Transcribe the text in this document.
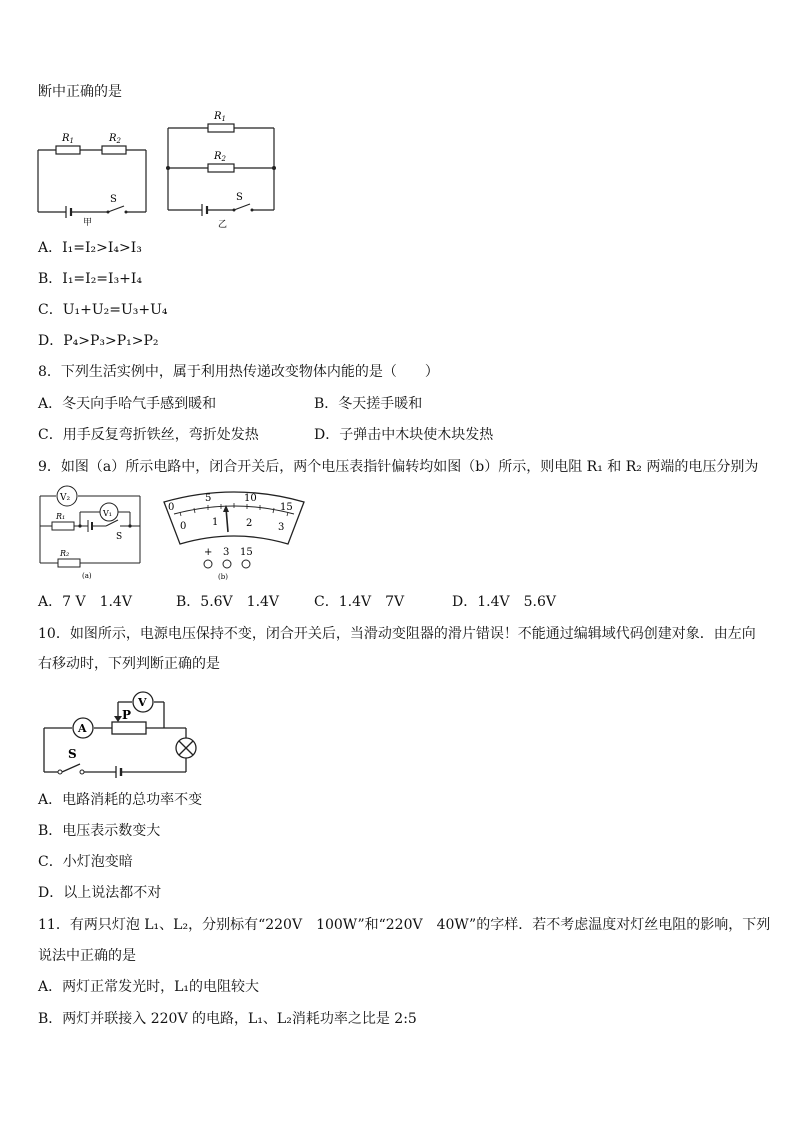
断中正确的是
$R_1$	$R_2$
S
甲
$R_1$
$R_2$
S
乙
A．I₁=I₂>I₄>I₃
B．I₁=I₂=I₃+I₄
C．U₁+U₂=U₃+U₄
D．P₄>P₃>P₁>P₂
8．下列生活实例中，属于利用热传递改变物体内能的是（　　）
A．冬天向手哈气手感到暖和	B．冬天搓手暖和
C．用手反复弯折铁丝，弯折处发热	D．子弹击中木块使木块发热
9．如图（a）所示电路中，闭合开关后，两个电压表指针偏转均如图（b）所示，则电阻 R₁ 和 R₂ 两端的电压分别为
V₂
V₁
R₁
S
R₂
(a)
0
5	10
15
0	1	2	3
+ 3 15
(b)
A．7 V　1.4V	B．5.6V　1.4V C．1.4V　7V	D．1.4V　5.6V
10．如图所示，电源电压保持不变，闭合开关后，当滑动变阻器的滑片错误！不能通过编辑域代码创建对象．由左向
右移动时，下列判断正确的是
A
V
P
S
A．电路消耗的总功率不变
B．电压表示数变大
C．小灯泡变暗
D．以上说法都不对
11．有两只灯泡 L₁、L₂，分别标有“220V　100W”和“220V　40W”的字样．若不考虑温度对灯丝电阻的影响，下列
说法中正确的是
A．两灯正常发光时，L₁的电阻较大
B．两灯并联接入 220V 的电路，L₁、L₂消耗功率之比是 2:5
